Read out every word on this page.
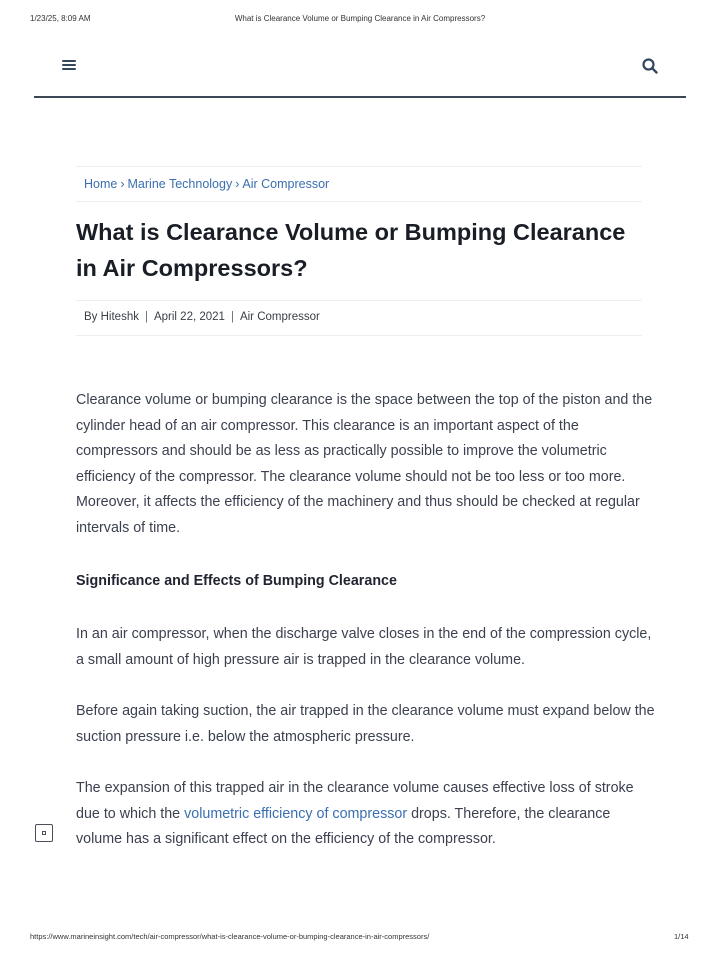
1/23/25, 8:09 AM	What is Clearance Volume or Bumping Clearance in Air Compressors?
Home › Marine Technology › Air Compressor
What is Clearance Volume or Bumping Clearance
in Air Compressors?
By Hiteshk | April 22, 2021 | Air Compressor

Clearance volume or bumping clearance is the space between the top of the piston and the cylinder head of an air compressor. This clearance is an important aspect of the compressors and should be as less as practically possible to improve the volumetric efficiency of the compressor. The clearance volume should not be too less or too more. Moreover, it affects the efficiency of the machinery and thus should be checked at regular intervals of time.

Significance and Effects of Bumping Clearance

In an air compressor, when the discharge valve closes in the end of the compression cycle, a small amount of high pressure air is trapped in the clearance volume.

Before again taking suction, the air trapped in the clearance volume must expand below the suction pressure i.e. below the atmospheric pressure.

The expansion of this trapped air in the clearance volume causes effective loss of stroke due to which the volumetric efficiency of compressor drops. Therefore, the clearance volume has a significant effect on the efficiency of the compressor.

https://www.marineinsight.com/tech/air-compressor/what-is-clearance-volume-or-bumping-clearance-in-air-compressors/	1/14
